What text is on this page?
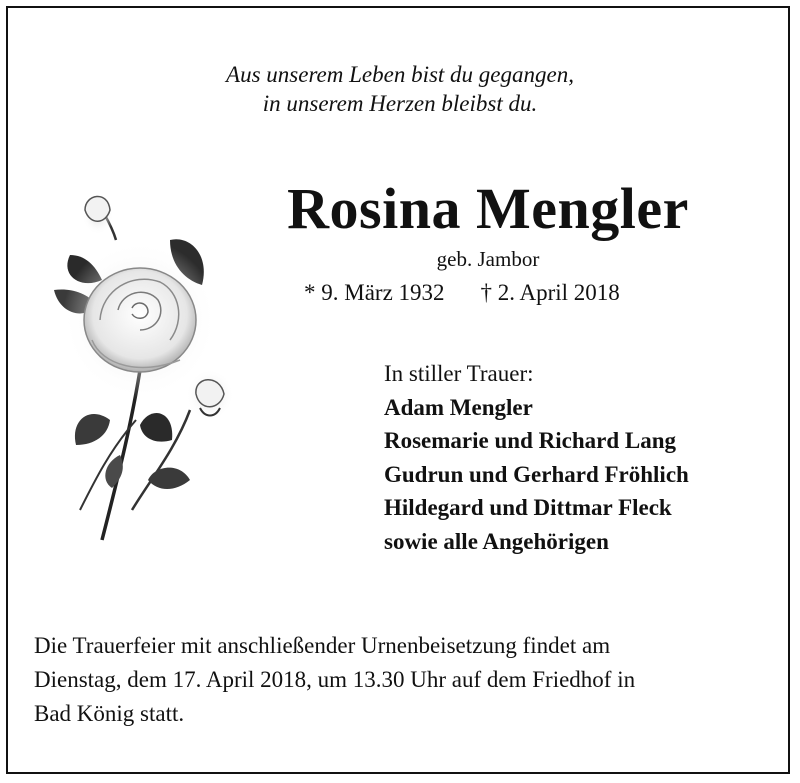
Aus unserem Leben bist du gegangen,
in unserem Herzen bleibst du.
Rosina Mengler
geb. Jambor
* 9. März 1932 † 2. April 2018
In stiller Trauer:
Adam Mengler
Rosemarie und Richard Lang
Gudrun und Gerhard Fröhlich
Hildegard und Dittmar Fleck
sowie alle Angehörigen
Die Trauerfeier mit anschließender Urnenbeisetzung findet am
Dienstag, dem 17. April 2018, um 13.30 Uhr auf dem Friedhof in
Bad König statt.
